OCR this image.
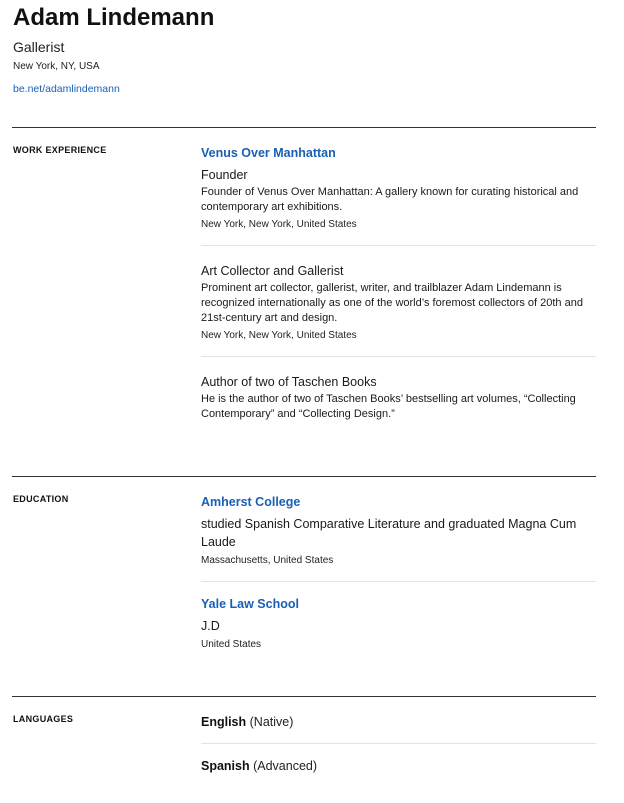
Adam Lindemann
Gallerist
New York, NY, USA
be.net/adamlindemann
WORK EXPERIENCE	Venus Over Manhattan
Founder
Founder of Venus Over Manhattan: A gallery known for curating historical and contemporary art exhibitions.
New York, New York, United States
Art Collector and Gallerist
Prominent art collector, gallerist, writer, and trailblazer Adam Lindemann is recognized internationally as one of the world’s foremost collectors of 20th and 21st-century art and design.
New York, New York, United States
Author of two of Taschen Books
He is the author of two of Taschen Books’ bestselling art volumes, “Collecting Contemporary” and “Collecting Design.”
EDUCATION	Amherst College
studied Spanish Comparative Literature and graduated Magna Cum Laude
Massachusetts, United States
Yale Law School
J.D
United States
LANGUAGES	English (Native)
Spanish (Advanced)
